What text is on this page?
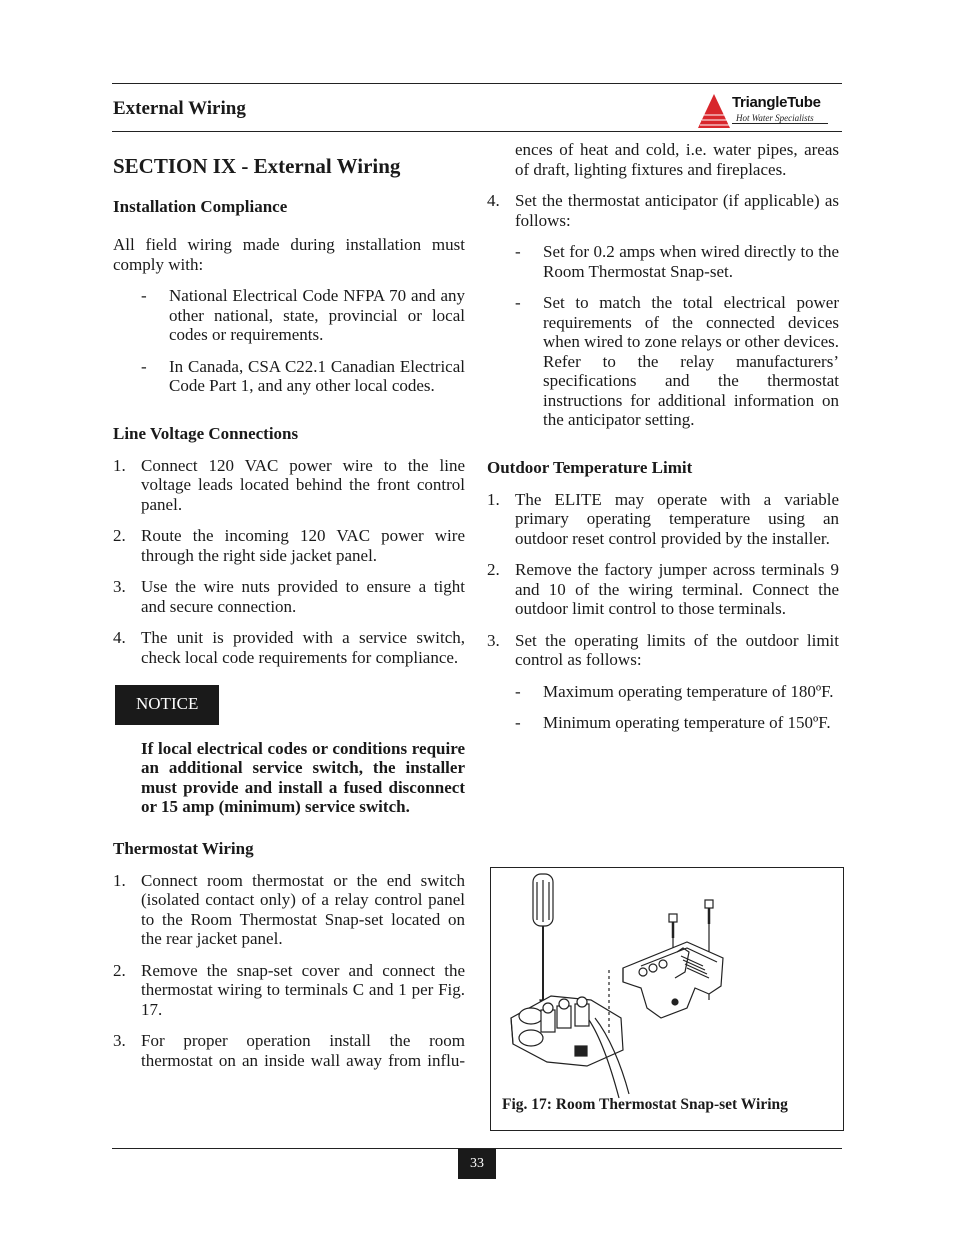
External Wiring	TriangleTube
Hot Water Specialists
SECTION IX - External Wiring
Installation Compliance

All field wiring made during installation must comply with:

-	National Electrical Code NFPA 70 and any other national, state, provincial or local codes or requirements.
-	In Canada, CSA C22.1 Canadian Electrical Code Part 1, and any other local codes.
Line Voltage Connections
1. Connect 120 VAC power wire to the line voltage leads located behind the front control panel.
2. Route the incoming 120 VAC power wire through the right side jacket panel.
3. Use the wire nuts provided to ensure a tight and secure connection.
4. The unit is provided with a service switch, check local code requirements for compliance.
NOTICE
If local electrical codes or conditions require an additional service switch, the installer must provide and install a fused disconnect or 15 amp (minimum) service switch.
Thermostat Wiring
1. Connect room thermostat or the end switch (isolated contact only) of a relay control panel to the Room Thermostat Snap-set located on the rear jacket panel.
2. Remove the snap-set cover and connect the thermostat wiring to terminals C and 1 per Fig. 17.
3. For proper operation install the room thermostat on an inside wall away from influ-
ences of heat and cold, i.e. water pipes, areas of draft, lighting fixtures and fireplaces.
4. Set the thermostat anticipator (if applicable) as follows:
-	Set for 0.2 amps when wired directly to the Room Thermostat Snap-set.
-	Set to match the total electrical power requirements of the connected devices when wired to zone relays or other devices. Refer to the relay manufacturers’ specifications and the thermostat instructions for additional information on the anticipator setting.
Outdoor Temperature Limit
1. The ELITE may operate with a variable primary operating temperature using an outdoor reset control provided by the installer.
2. Remove the factory jumper across terminals 9 and 10 of the wiring terminal. Connect the outdoor limit control to those terminals.
3. Set the operating limits of the outdoor limit control as follows:
-	Maximum operating temperature of 180ºF.
-	Minimum operating temperature of 150ºF.
Fig. 17: Room Thermostat Snap-set Wiring
33
